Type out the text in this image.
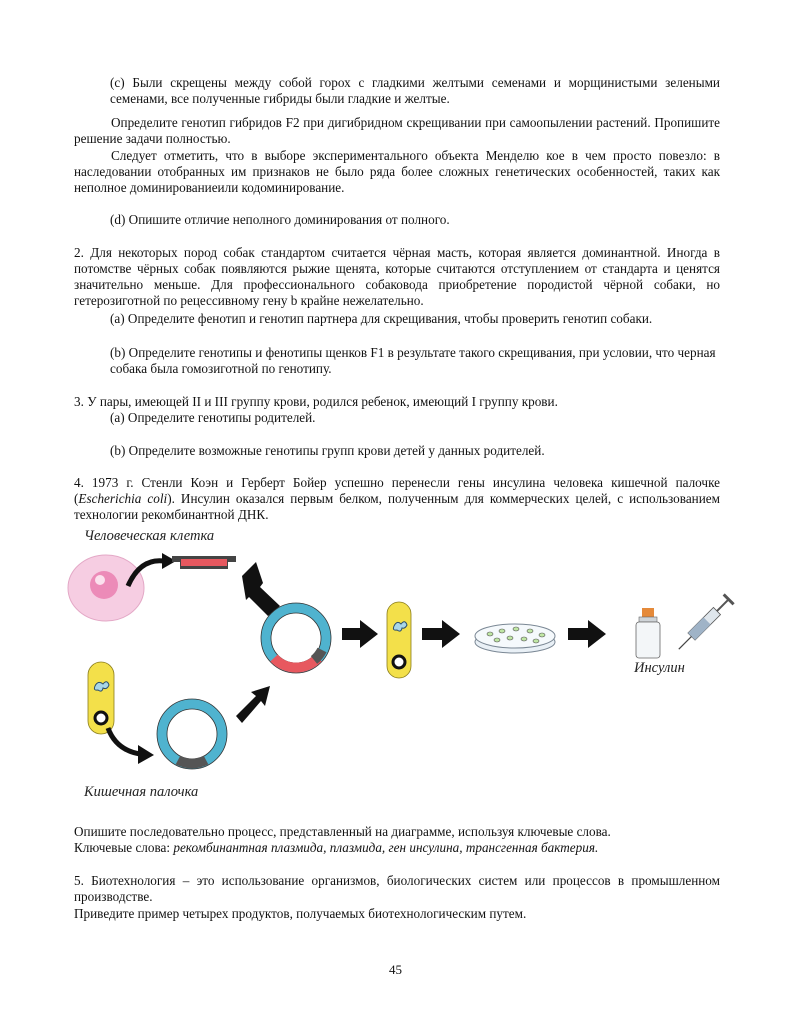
(c) Были скрещены между собой горох с гладкими желтыми семенами и морщинистыми зелеными семенами, все полученные гибриды были гладкие и желтые.

Определите генотип гибридов F2 при дигибридном скрещивании при самоопылении растений. Пропишите решение задачи полностью.

Следует отметить, что в выборе экспериментального объекта Менделю кое в чем просто повезло: в наследовании отобранных им признаков не было ряда более сложных генетических особенностей, таких как неполное доминированиеили кодоминирование.

(d) Опишите отличие неполного доминирования от полного.

2. Для некоторых пород собак стандартом считается чёрная масть, которая является доминантной. Иногда в потомстве чёрных собак появляются рыжие щенята, которые считаются отступлением от стандарта и ценятся значительно меньше. Для профессионального собаковода приобретение породистой чёрной собаки, но гетерозиготной по рецессивному гену b крайне нежелательно.

(a) Определите фенотип и генотип партнера для скрещивания, чтобы проверить генотип собаки.

(b) Определите генотипы и фенотипы щенков F1 в результате такого скрещивания, при условии, что черная собака была гомозиготной по генотипу.

3. У пары, имеющей II и III группу крови, родился ребенок, имеющий I группу крови.

(a) Определите генотипы родителей.

(b) Определите возможные генотипы групп крови детей у данных родителей.

4. 1973 г. Стенли Коэн и Герберт Бойер успешно перенесли гены инсулина человека кишечной палочке (Escherichia coli). Инсулин оказался первым белком, полученным для коммерческих целей, с использованием технологии рекомбинантной ДНК.

Человеческая клетка
Инсулин
Кишечная палочка

Опишите последовательно процесс, представленный на диаграмме, используя ключевые слова.

Ключевые слова: рекомбинантная плазмида, плазмида, ген инсулина, трансгенная бактерия.

5. Биотехнология – это использование организмов, биологических систем или процессов в промышленном производстве.

Приведите пример четырех продуктов, получаемых биотехнологическим путем.

45
